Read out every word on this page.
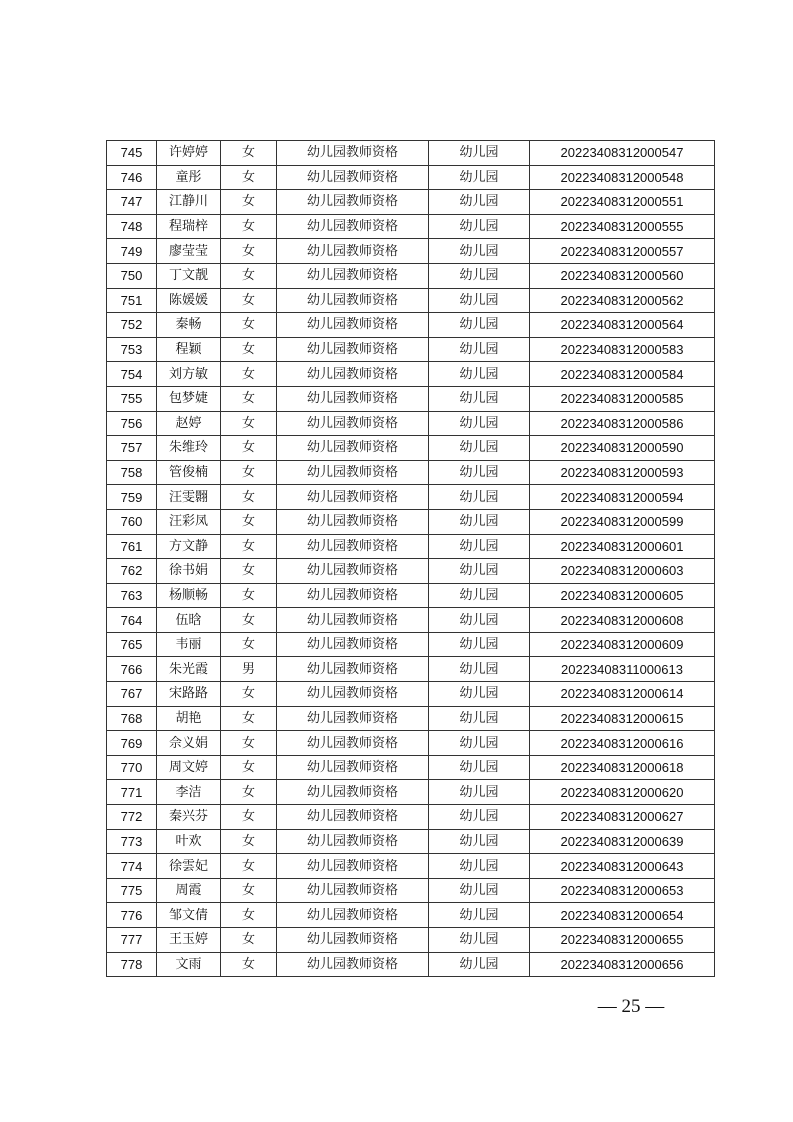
745	许婷婷	女	幼儿园教师资格	幼儿园	20223408312000547
746	童彤	女	幼儿园教师资格	幼儿园	20223408312000548
747	江静川	女	幼儿园教师资格	幼儿园	20223408312000551
748	程瑞梓	女	幼儿园教师资格	幼儿园	20223408312000555
749	廖莹莹	女	幼儿园教师资格	幼儿园	20223408312000557
750	丁文靓	女	幼儿园教师资格	幼儿园	20223408312000560
751	陈媛媛	女	幼儿园教师资格	幼儿园	20223408312000562
752	秦畅	女	幼儿园教师资格	幼儿园	20223408312000564
753	程颖	女	幼儿园教师资格	幼儿园	20223408312000583
754	刘方敏	女	幼儿园教师资格	幼儿园	20223408312000584
755	包梦婕	女	幼儿园教师资格	幼儿园	20223408312000585
756	赵婷	女	幼儿园教师资格	幼儿园	20223408312000586
757	朱维玲	女	幼儿园教师资格	幼儿园	20223408312000590
758	管俊楠	女	幼儿园教师资格	幼儿园	20223408312000593
759	汪雯翾	女	幼儿园教师资格	幼儿园	20223408312000594
760	汪彩凤	女	幼儿园教师资格	幼儿园	20223408312000599
761	方文静	女	幼儿园教师资格	幼儿园	20223408312000601
762	徐书娟	女	幼儿园教师资格	幼儿园	20223408312000603
763	杨顺畅	女	幼儿园教师资格	幼儿园	20223408312000605
764	伍晗	女	幼儿园教师资格	幼儿园	20223408312000608
765	韦丽	女	幼儿园教师资格	幼儿园	20223408312000609
766	朱光霞	男	幼儿园教师资格	幼儿园	20223408311000613
767	宋路路	女	幼儿园教师资格	幼儿园	20223408312000614
768	胡艳	女	幼儿园教师资格	幼儿园	20223408312000615
769	佘义娟	女	幼儿园教师资格	幼儿园	20223408312000616
770	周文婷	女	幼儿园教师资格	幼儿园	20223408312000618
771	李洁	女	幼儿园教师资格	幼儿园	20223408312000620
772	秦兴芬	女	幼儿园教师资格	幼儿园	20223408312000627
773	叶欢	女	幼儿园教师资格	幼儿园	20223408312000639
774	徐雲妃	女	幼儿园教师资格	幼儿园	20223408312000643
775	周霞	女	幼儿园教师资格	幼儿园	20223408312000653
776	邹文倩	女	幼儿园教师资格	幼儿园	20223408312000654
777	王玉婷	女	幼儿园教师资格	幼儿园	20223408312000655
778	文雨	女	幼儿园教师资格	幼儿园	20223408312000656
— 25 —
